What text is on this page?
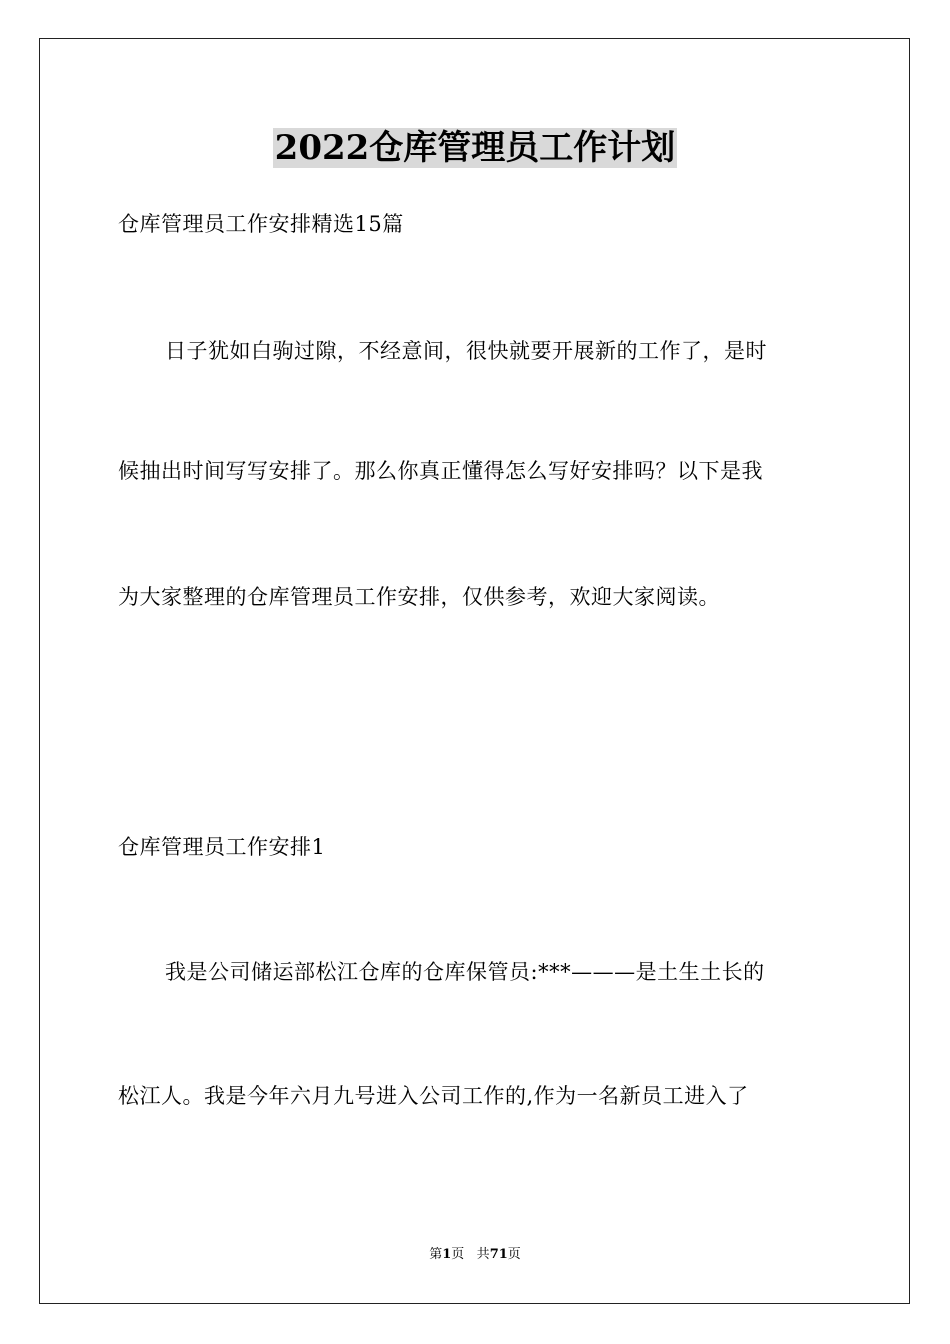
2022仓库管理员工作计划
仓库管理员工作安排精选15篇
日子犹如白驹过隙，不经意间，很快就要开展新的工作了，是时
候抽出时间写写安排了。那么你真正懂得怎么写好安排吗？以下是我
为大家整理的仓库管理员工作安排，仅供参考，欢迎大家阅读。
仓库管理员工作安排1
我是公司储运部松江仓库的仓库保管员:***———是土生土长的
松江人。我是今年六月九号进入公司工作的,作为一名新员工进入了
第1页 共71页
